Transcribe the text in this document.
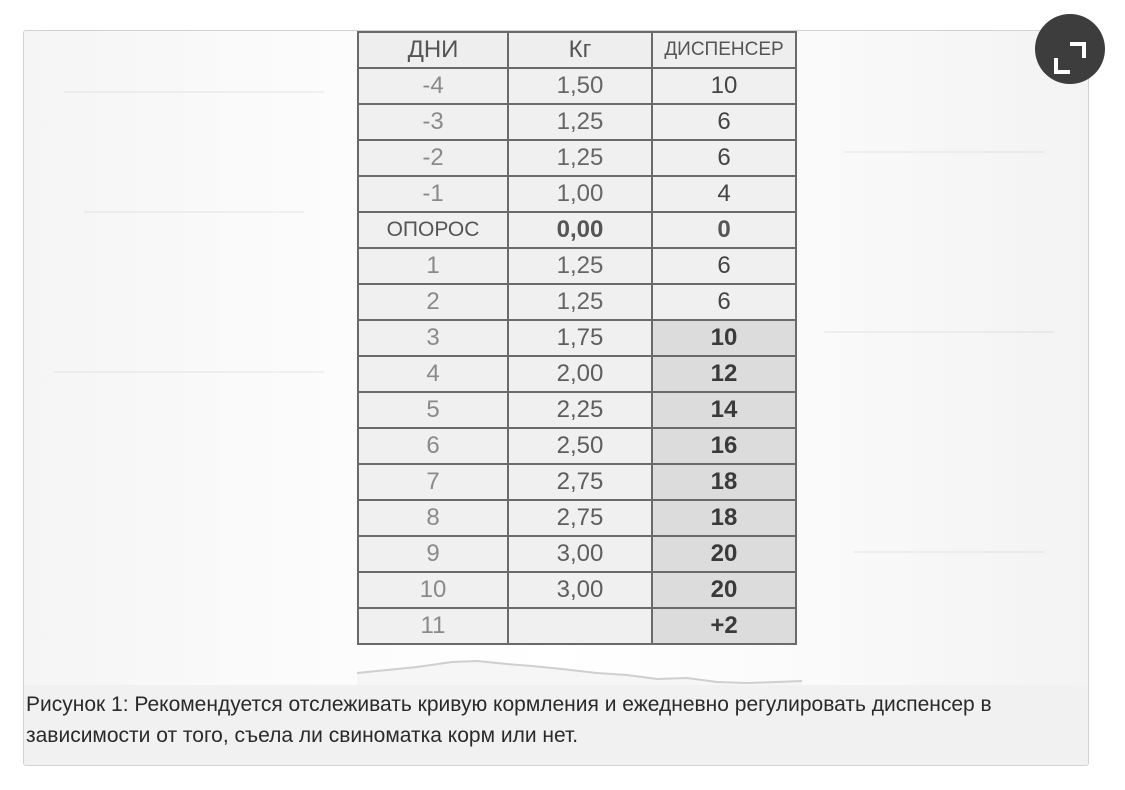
ДНИ	Кг	ДИСПЕНСЕР
-4	1,50	10
-3	1,25	6
-2	1,25	6
-1	1,00	4
ОПОРОС	0,00	0
1	1,25	6
2	1,25	6
3	1,75	10
4	2,00	12
5	2,25	14
6	2,50	16
7	2,75	18
8	2,75	18
9	3,00	20
10	3,00	20
11		+2

Рисунок 1: Рекомендуется отслеживать кривую кормления и ежедневно регулировать диспенсер в зависимости от того, съела ли свиноматка корм или нет.
